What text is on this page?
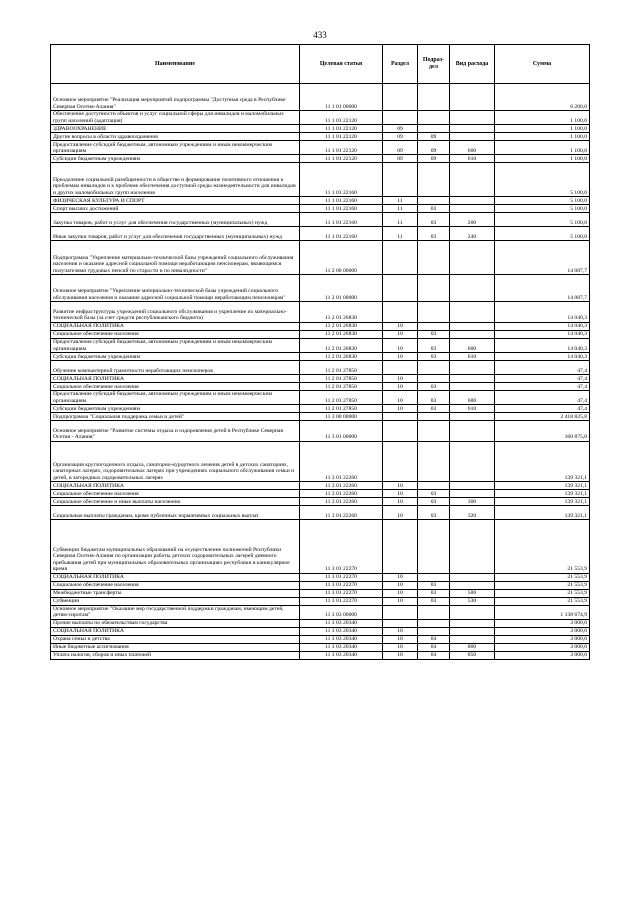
433
Наименование	Целевая статья	Раздел	Подраз-дел	Вид расхода	Сумма
Основное мероприятие "Реализация мероприятий подпрограммы "Доступная среда в Республике Северная Осетия-Алания"	11 1 01 00000				6 200,0
Обеспечение доступности объектов и услуг социальной сферы для инвалидов и маломобильных групп населений (адаптация)	11 1 01 22120				1 100,0
ЗДРАВООХРАНЕНИЕ	11 1 01 22120	09			1 100,0
Другие вопросы в области здравоохранения	11 1 01 22120	09	09		1 100,0
Предоставление субсидий бюджетным, автономным учреждениям и иным некоммерческим организациям	11 1 01 22120	09	09	600	1 100,0
Субсидии бюджетным учреждениям	11 1 01 22120	09	09	610	1 100,0
Преодоление социальной разобщенности в обществе и формирование позитивного отношения к проблемам инвалидов и к проблеме обеспечения доступной среды жизнедеятельности для инвалидов и других маломобильных групп населения	11 1 01 22160				5 100,0
ФИЗИЧЕСКАЯ КУЛЬТУРА И СПОРТ	11 1 01 22160	11			5 100,0
Спорт высших достижений	11 1 01 22160	11	03		5 100,0
Закупка товаров, работ и услуг для обеспечения государственных (муниципальных) нужд	11 1 01 22160	11	03	200	5 100,0
Иные закупки товаров, работ и услуг для обеспечения государственных (муниципальных) нужд	11 1 01 22160	11	03	240	5 100,0
Подпрограмма "Укрепление материально-технической базы учреждений социального обслуживания населения и оказание адресной социальной помощи неработающим пенсионерам, являющимся получателями трудовых пенсий по старости и по инвалидности"	11 2 00 00000				14 087,7
Основное мероприятие "Укрепление материально-технической базы учреждений социального обслуживания населения и оказание адресной социальной помощи неработающим пенсионерам"	11 2 01 00000				14 087,7
Развитие инфраструктуры учреждений социального обслуживания и укрепление их материально-технической базы (за счет средств республиканского бюджета)	11 2 01 26830				14 040,3
СОЦИАЛЬНАЯ ПОЛИТИКА	11 2 01 26830	10			14 040,3
Социальное обеспечение населения	11 2 01 26830	10	03		14 040,3
Предоставление субсидий бюджетным, автономным учреждениям и иным некоммерческим организациям	11 2 01 26830	10	03	600	14 040,3
Субсидии бюджетным учреждениям	11 2 01 26830	10	03	610	14 040,3
Обучение компьютерной грамотности неработающих пенсионеров	11 2 01 27850				47,4
СОЦИАЛЬНАЯ ПОЛИТИКА	11 2 01 27850	10			47,4
Социальное обеспечение населения	11 2 01 27850	10	03		47,4
Предоставление субсидий бюджетным, автономным учреждениям и иным некоммерческим организациям	11 2 01 27850	10	03	600	47,4
Субсидии бюджетным учреждениям	11 2 01 27850	10	03	610	47,4
Подпрограмма "Социальная поддержка семьи и детей"	11 3 00 00000				2 418 825,8
Основное мероприятие "Развитие системы отдыха и оздоровления детей в Республике Северная Осетия - Алания"	11 3 01 00000				160 875,0
Организация круглогодичного отдыха, санаторно-курортного лечения детей в детских санаториях, санаторных лагерях, оздоровительных лагерях при учреждениях социального обслуживания семьи и детей, в загородных оздоровительных лагерях	11 3 01 22260				139 321,1
СОЦИАЛЬНАЯ ПОЛИТИКА	11 3 01 22260	10			139 321,1
Социальное обеспечение населения	11 3 01 22260	10	03		139 321,1
Социальное обеспечение и иные выплаты населению	11 3 01 22260	10	03	300	139 321,1
Социальные выплаты гражданам, кроме публичных нормативных социальных выплат	11 3 01 22260	10	03	320	139 321,1
Субвенции бюджетам муниципальных образований на осуществление полномочий Республики Северная Осетия-Алания по организации работы детских оздоровительных лагерей дневного пребывания детей при муниципальных образовательных организациях республики в каникулярное время	11 3 01 22270				21 553,9
СОЦИАЛЬНАЯ ПОЛИТИКА	11 3 01 22270	10			21 553,9
Социальное обеспечение населения	11 3 01 22270	10	03		21 553,9
Межбюджетные трансферты	11 3 01 22270	10	03	500	21 553,9
Субвенции	11 3 01 22270	10	03	530	21 553,9
Основное мероприятие "Оказание мер государственной поддержки гражданам, имеющим детей, детям-сиротам"	11 3 03 00000				1 138 674,9
Прочие выплаты по обязательствам государства	11 3 03 20340				3 000,0
СОЦИАЛЬНАЯ ПОЛИТИКА	11 3 03 20340	10			3 000,0
Охрана семьи и детства	11 3 03 20340	10	04		3 000,0
Иные бюджетные ассигнования	11 3 03 20340	10	04	800	3 000,0
Уплата налогов, сборов и иных платежей	11 3 03 20340	10	04	850	3 000,0
